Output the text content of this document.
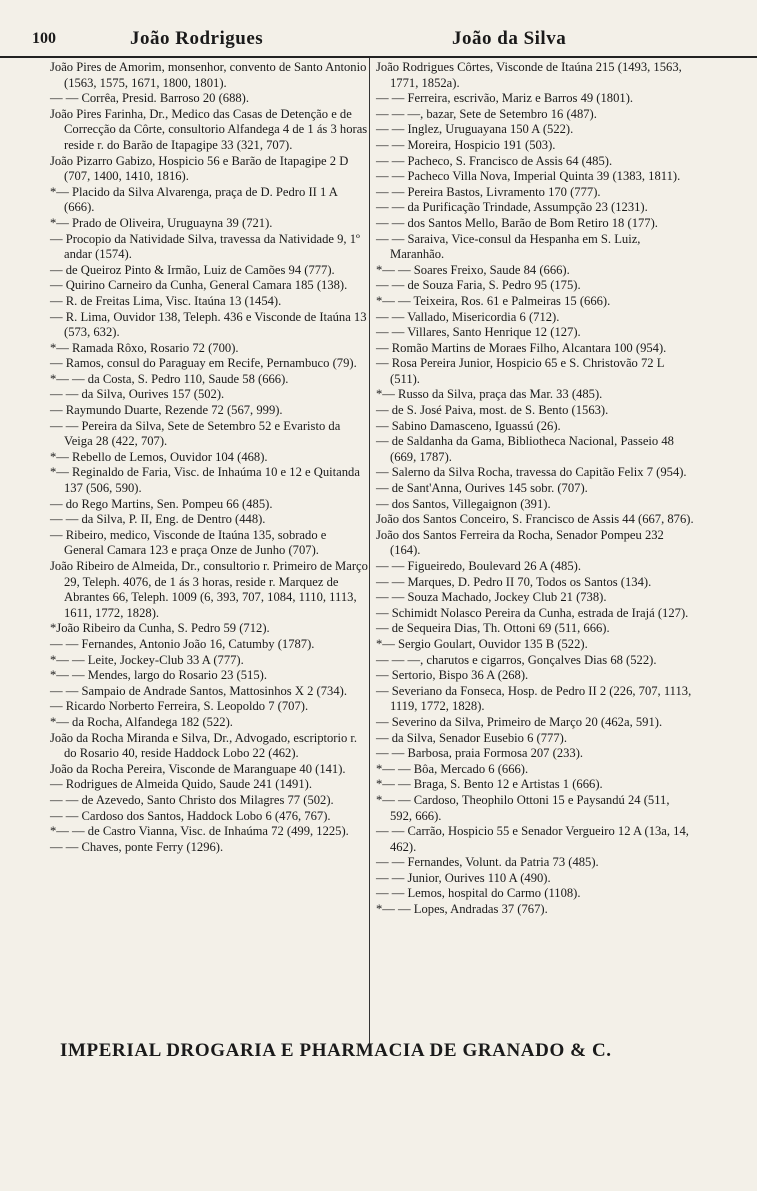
100	João Rodrigues	João da Silva

João Pires de Amorim, monsenhor, convento de Santo Antonio (1563, 1575, 1671, 1800, 1801).

— — Corrêa, Presid. Barroso 20 (688).

João Pires Farinha, Dr., Medico das Casas de Detenção e de Correcção da Côrte, consultorio Alfandega 4 de 1 ás 3 horas reside r. do Barão de Itapagipe 33 (321, 707).

João Pizarro Gabizo, Hospicio 56 e Barão de Itapagipe 2 D (707, 1400, 1410, 1816).

*— Placido da Silva Alvarenga, praça de D. Pedro II 1 A (666).

*— Prado de Oliveira, Uruguayna 39 (721).

— Procopio da Natividade Silva, travessa da Natividade 9, 1º andar (1574).

— de Queiroz Pinto & Irmão, Luiz de Camões 94 (777).

— Quirino Carneiro da Cunha, General Camara 185 (138).

— R. de Freitas Lima, Visc. Itaúna 13 (1454).

— R. Lima, Ouvidor 138, Teleph. 436 e Visconde de Itaúna 13 (573, 632).

*— Ramada Rôxo, Rosario 72 (700).

— Ramos, consul do Paraguay em Recife, Pernambuco (79).

*— — da Costa, S. Pedro 110, Saude 58 (666).

— — da Silva, Ourives 157 (502).

— Raymundo Duarte, Rezende 72 (567, 999).

— — Pereira da Silva, Sete de Setembro 52 e Evaristo da Veiga 28 (422, 707).

*— Rebello de Lemos, Ouvidor 104 (468).

*— Reginaldo de Faria, Visc. de Inhaúma 10 e 12 e Quitanda 137 (506, 590).

— do Rego Martins, Sen. Pompeu 66 (485).

— — da Silva, P. II, Eng. de Dentro (448).

— Ribeiro, medico, Visconde de Itaúna 135, sobrado e General Camara 123 e praça Onze de Junho (707).

João Ribeiro de Almeida, Dr., consultorio r. Primeiro de Março 29, Teleph. 4076, de 1 ás 3 horas, reside r. Marquez de Abrantes 66, Teleph. 1009 (6, 393, 707, 1084, 1110, 1113, 1611, 1772, 1828).

*João Ribeiro da Cunha, S. Pedro 59 (712).

— — Fernandes, Antonio João 16, Catumby (1787).

*— — Leite, Jockey-Club 33 A (777).

*— — Mendes, largo do Rosario 23 (515).

— — Sampaio de Andrade Santos, Mattosinhos X 2 (734).

— Ricardo Norberto Ferreira, S. Leopoldo 7 (707).

*— da Rocha, Alfandega 182 (522).

João da Rocha Miranda e Silva, Dr., Advogado, escriptorio r. do Rosario 40, reside Haddock Lobo 22 (462).

João da Rocha Pereira, Visconde de Maranguape 40 (141).

— Rodrigues de Almeida Quido, Saude 241 (1491).

— — de Azevedo, Santo Christo dos Milagres 77 (502).

— — Cardoso dos Santos, Haddock Lobo 6 (476, 767).

*— — de Castro Vianna, Visc. de Inhaúma 72 (499, 1225).

— — Chaves, ponte Ferry (1296).

João Rodrigues Côrtes, Visconde de Itaúna 215 (1493, 1563, 1771, 1852a).

— — Ferreira, escrivão, Mariz e Barros 49 (1801).

— — —, bazar, Sete de Setembro 16 (487).

— — Inglez, Uruguayana 150 A (522).

— — Moreira, Hospicio 191 (503).

— — Pacheco, S. Francisco de Assis 64 (485).

— — Pacheco Villa Nova, Imperial Quinta 39 (1383, 1811).

— — Pereira Bastos, Livramento 170 (777).

— — da Purificação Trindade, Assumpção 23 (1231).

— — dos Santos Mello, Barão de Bom Retiro 18 (177).

— — Saraiva, Vice-consul da Hespanha em S. Luiz, Maranhão.

*— — Soares Freixo, Saude 84 (666).

— — de Souza Faria, S. Pedro 95 (175).

*— — Teixeira, Ros. 61 e Palmeiras 15 (666).

— — Vallado, Misericordia 6 (712).

— — Villares, Santo Henrique 12 (127).

— Romão Martins de Moraes Filho, Alcantara 100 (954).

— Rosa Pereira Junior, Hospicio 65 e S. Christovão 72 L (511).

*— Russo da Silva, praça das Mar. 33 (485).

— de S. José Paiva, most. de S. Bento (1563).

— Sabino Damasceno, Iguassú (26).

— de Saldanha da Gama, Bibliotheca Nacional, Passeio 48 (669, 1787).

— Salerno da Silva Rocha, travessa do Capitão Felix 7 (954).

— de Sant'Anna, Ourives 145 sobr. (707).

— dos Santos, Villegaignon (391).

João dos Santos Conceiro, S. Francisco de Assis 44 (667, 876).

João dos Santos Ferreira da Rocha, Senador Pompeu 232 (164).

— — Figueiredo, Boulevard 26 A (485).

— — Marques, D. Pedro II 70, Todos os Santos (134).

— — Souza Machado, Jockey Club 21 (738).

— Schimidt Nolasco Pereira da Cunha, estrada de Irajá (127).

— de Sequeira Dias, Th. Ottoni 69 (511, 666).

*— Sergio Goulart, Ouvidor 135 B (522).

— — —, charutos e cigarros, Gonçalves Dias 68 (522).

— Sertorio, Bispo 36 A (268).

— Severiano da Fonseca, Hosp. de Pedro II 2 (226, 707, 1113, 1119, 1772, 1828).

— Severino da Silva, Primeiro de Março 20 (462a, 591).

— da Silva, Senador Eusebio 6 (777).

— — Barbosa, praia Formosa 207 (233).

*— — Bôa, Mercado 6 (666).

*— — Braga, S. Bento 12 e Artistas 1 (666).

*— — Cardoso, Theophilo Ottoni 15 e Paysandú 24 (511, 592, 666).

— — Carrão, Hospicio 55 e Senador Vergueiro 12 A (13a, 14, 462).

— — Fernandes, Volunt. da Patria 73 (485).

— — Junior, Ourives 110 A (490).

— — Lemos, hospital do Carmo (1108).

*— — Lopes, Andradas 37 (767).

IMPERIAL DROGARIA E PHARMACIA DE GRANADO & C.
